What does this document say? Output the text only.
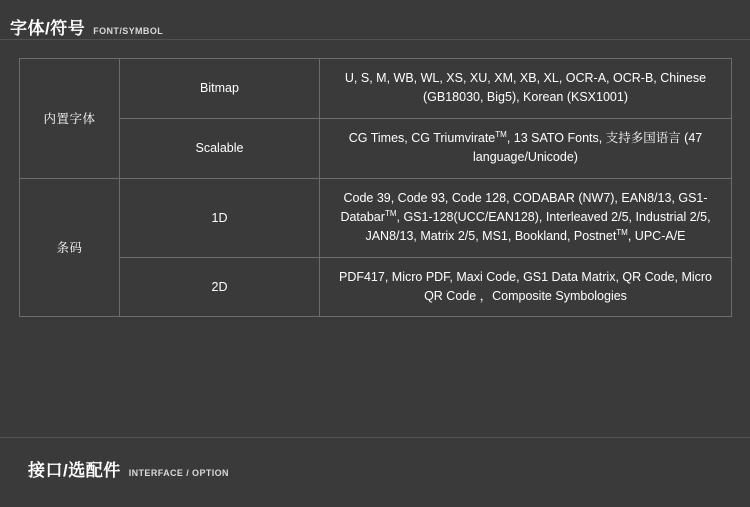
字体/符号 FONT/SYMBOL
内置字体	Bitmap	U, S, M, WB, WL, XS, XU, XM, XB, XL, OCR-A, OCR-B, Chinese (GB18030, Big5), Korean (KSX1001)
	Scalable	CG Times, CG Triumvirate™, 13 SATO Fonts, 支持多国语言 (47 language/Unicode)
条码	1D	Code 39, Code 93, Code 128, CODABAR (NW7), EAN8/13, GS1-Databar™, GS1-128(UCC/EAN128), Interleaved 2/5, Industrial 2/5, JAN8/13, Matrix 2/5, MS1, Bookland, Postnet™, UPC-A/E
	2D	PDF417, Micro PDF, Maxi Code, GS1 Data Matrix, QR Code, Micro QR Code ，Composite Symbologies
接口/选配件 INTERFACE / OPTION
